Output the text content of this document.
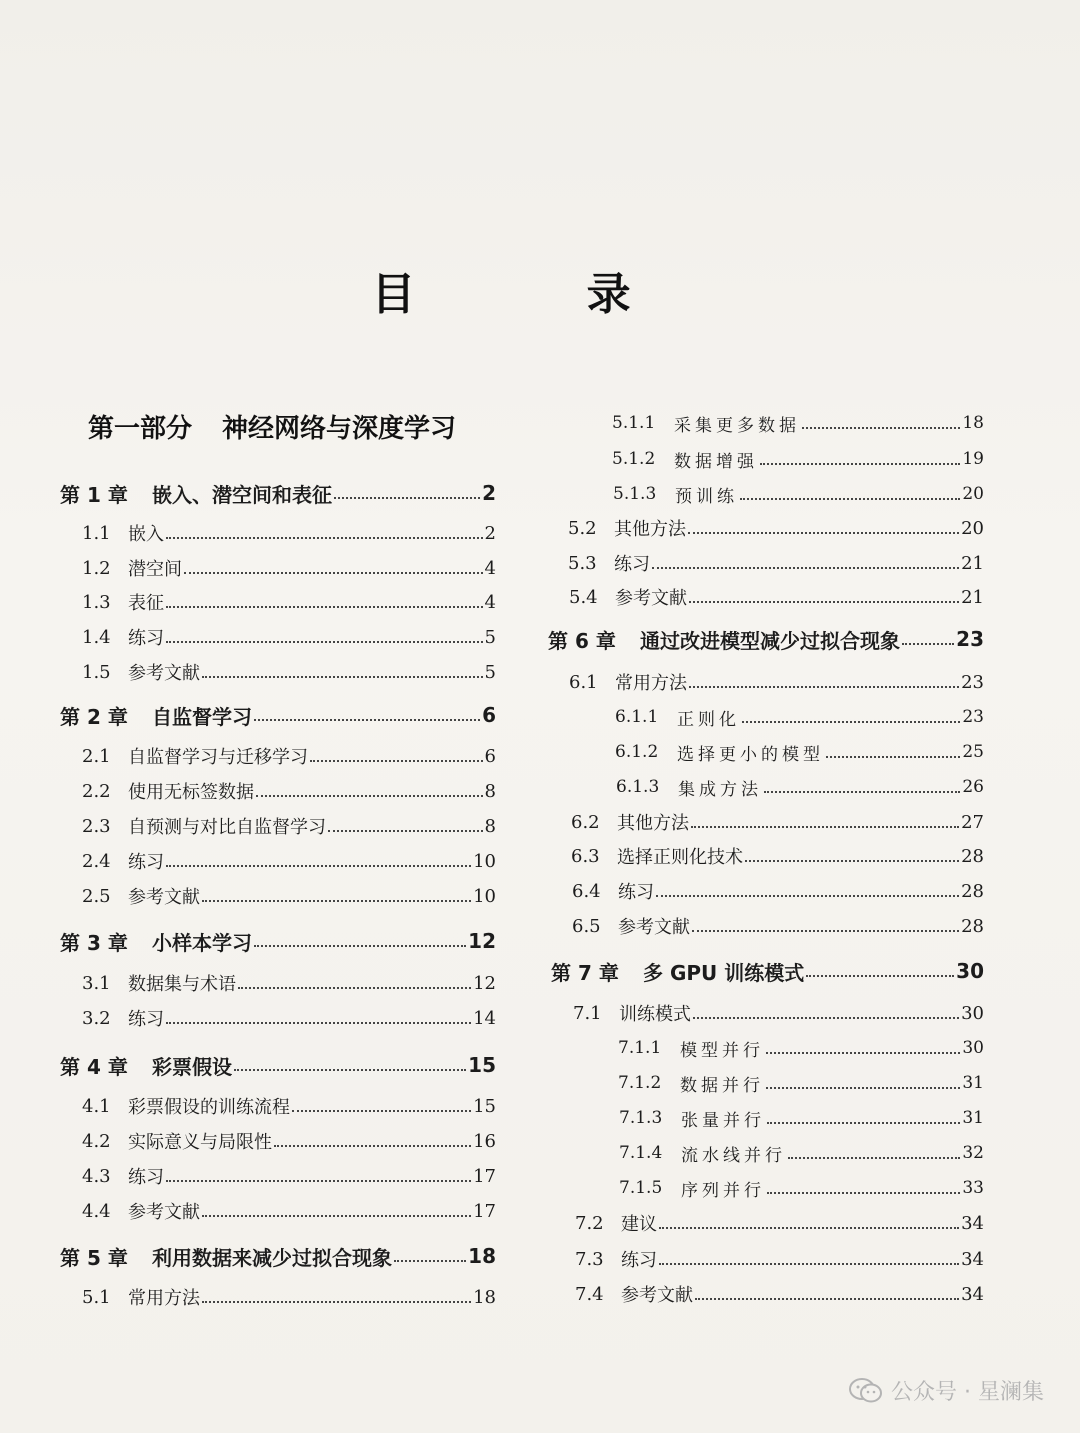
目 录
第一部分 神经网络与深度学习
第 1 章	嵌入、潜空间和表征	2
1.1 嵌入	2
1.2 潜空间	4
1.3 表征	4
1.4 练习	5
1.5 参考文献	5
第 2 章	自监督学习	6
2.1 自监督学习与迁移学习	6
2.2 使用无标签数据	8
2.3 自预测与对比自监督学习	8
2.4 练习	10
2.5 参考文献	10
第 3 章	小样本学习	12
3.1 数据集与术语	12
3.2 练习	14
第 4 章	彩票假设	15
4.1 彩票假设的训练流程	15
4.2 实际意义与局限性	16
4.3 练习	17
4.4 参考文献	17
第 5 章	利用数据来减少过拟合现象	18
5.1 常用方法	18
5.1.1	采集更多数据	18
5.1.2	数据增强	19
5.1.3	预训练	20
5.2 其他方法	20
5.3 练习	21
5.4 参考文献	21
第 6 章	通过改进模型减少过拟合现象	23
6.1 常用方法	23
6.1.1	正则化	23
6.1.2	选择更小的模型	25
6.1.3	集成方法	26
6.2 其他方法	27
6.3 选择正则化技术	28
6.4 练习	28
6.5 参考文献	28
第 7 章	多 GPU 训练模式	30
7.1 训练模式	30
7.1.1	模型并行	30
7.1.2	数据并行	31
7.1.3	张量并行	31
7.1.4	流水线并行	32
7.1.5	序列并行	33
7.2 建议	34
7.3 练习	34
7.4 参考文献	34
公众号 · 星澜集
